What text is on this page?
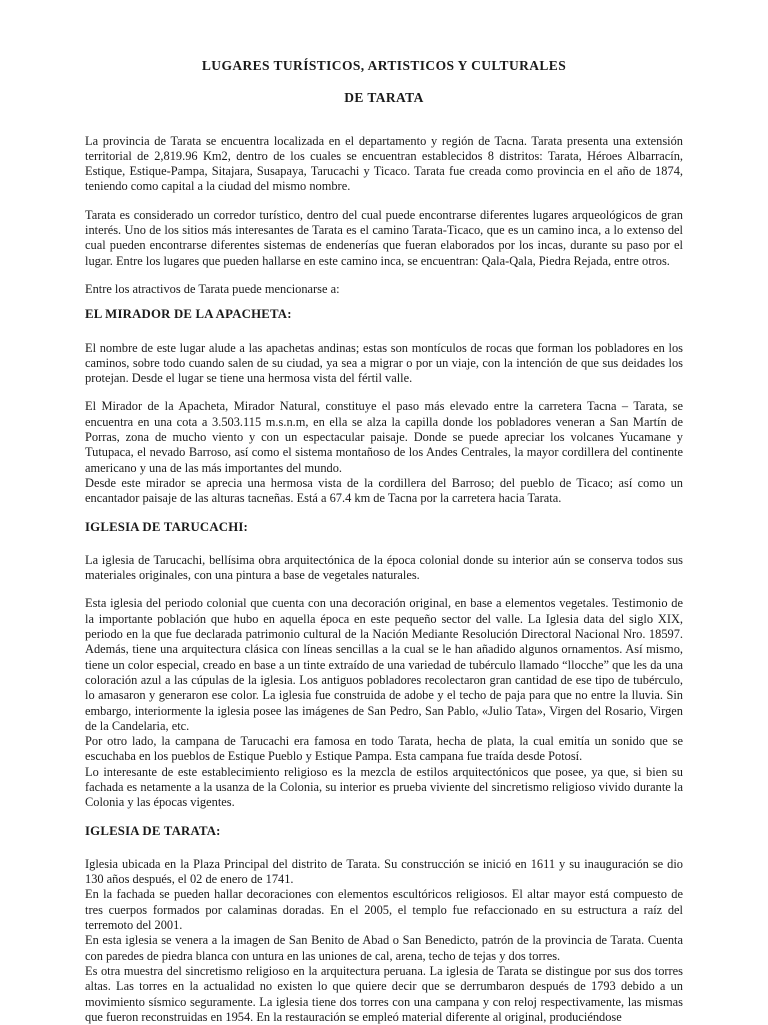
LUGARES TURÍSTICOS, ARTISTICOS Y CULTURALES
DE TARATA

La provincia de Tarata se encuentra localizada en el departamento y región de Tacna. Tarata presenta una extensión territorial de 2,819.96 Km2, dentro de los cuales se encuentran establecidos 8 distritos: Tarata, Héroes Albarracín, Estique, Estique-Pampa, Sitajara, Susapaya, Tarucachi y Ticaco. Tarata fue creada como provincia en el año de 1874, teniendo como capital a la ciudad del mismo nombre.

Tarata es considerado un corredor turístico, dentro del cual puede encontrarse diferentes lugares arqueológicos de gran interés. Uno de los sitios más interesantes de Tarata es el camino Tarata-Ticaco, que es un camino inca, a lo extenso del cual pueden encontrarse diferentes sistemas de endenerías que fueran elaborados por los incas, durante su paso por el lugar. Entre los lugares que pueden hallarse en este camino inca, se encuentran: Qala-Qala, Piedra Rejada, entre otros.

Entre los atractivos de Tarata puede mencionarse a:

EL MIRADOR DE LA APACHETA:

El nombre de este lugar alude a las apachetas andinas; estas son montículos de rocas que forman los pobladores en los caminos, sobre todo cuando salen de su ciudad, ya sea a migrar o por un viaje, con la intención de que sus deidades los protejan. Desde el lugar se tiene una hermosa vista del fértil valle.

El Mirador de la Apacheta, Mirador Natural, constituye el paso más elevado entre la carretera Tacna – Tarata, se encuentra en una cota a 3.503.115 m.s.n.m, en ella se alza la capilla donde los pobladores veneran a San Martín de Porras, zona de mucho viento y con un espectacular paisaje. Donde se puede apreciar los volcanes Yucamane y Tutupaca, el nevado Barroso, así como el sistema montañoso de los Andes Centrales, la mayor cordillera del continente americano y una de las más importantes del mundo.

Desde este mirador se aprecia una hermosa vista de la cordillera del Barroso; del pueblo de Ticaco; así como un encantador paisaje de las alturas tacneñas. Está a 67.4 km de Tacna por la carretera hacia Tarata.

IGLESIA DE TARUCACHI:

La iglesia de Tarucachi, bellísima obra arquitectónica de la época colonial donde su interior aún se conserva todos sus materiales originales, con una pintura a base de vegetales naturales.

Esta iglesia del periodo colonial que cuenta con una decoración original, en base a elementos vegetales. Testimonio de la importante población que hubo en aquella época en este pequeño sector del valle. La Iglesia data del siglo XIX, periodo en la que fue declarada patrimonio cultural de la Nación Mediante Resolución Directoral Nacional Nro. 18597. Además, tiene una arquitectura clásica con líneas sencillas a la cual se le han añadido algunos ornamentos. Así mismo, tiene un color especial, creado en base a un tinte extraído de una variedad de tubérculo llamado “llocche” que les da una coloración azul a las cúpulas de la iglesia. Los antiguos pobladores recolectaron gran cantidad de ese tipo de tubérculo, lo amasaron y generaron ese color. La iglesia fue construida de adobe y el techo de paja para que no entre la lluvia. Sin embargo, interiormente la iglesia posee las imágenes de San Pedro, San Pablo, «Julio Tata», Virgen del Rosario, Virgen de la Candelaria, etc.

Por otro lado, la campana de Tarucachi era famosa en todo Tarata, hecha de plata, la cual emitía un sonido que se escuchaba en los pueblos de Estique Pueblo y Estique Pampa. Esta campana fue traída desde Potosí.

Lo interesante de este establecimiento religioso es la mezcla de estilos arquitectónicos que posee, ya que, si bien su fachada es netamente a la usanza de la Colonia, su interior es prueba viviente del sincretismo religioso vivido durante la Colonia y las épocas vigentes.

IGLESIA DE TARATA:

Iglesia ubicada en la Plaza Principal del distrito de Tarata. Su construcción se inició en 1611 y su inauguración se dio 130 años después, el 02 de enero de 1741.

En la fachada se pueden hallar decoraciones con elementos escultóricos religiosos. El altar mayor está compuesto de tres cuerpos formados por calaminas doradas. En el 2005, el templo fue refaccionado en su estructura a raíz del terremoto del 2001.

En esta iglesia se venera a la imagen de San Benito de Abad o San Benedicto, patrón de la provincia de Tarata. Cuenta con paredes de piedra blanca con untura en las uniones de cal, arena, techo de tejas y dos torres.

Es otra muestra del sincretismo religioso en la arquitectura peruana. La iglesia de Tarata se distingue por sus dos torres altas. Las torres en la actualidad no existen lo que quiere decir que se derrumbaron después de 1793 debido a un movimiento sísmico seguramente. La iglesia tiene dos torres con una campana y con reloj respectivamente, las mismas que fueron reconstruidas en 1954. En la restauración se empleó material diferente al original, produciéndose
